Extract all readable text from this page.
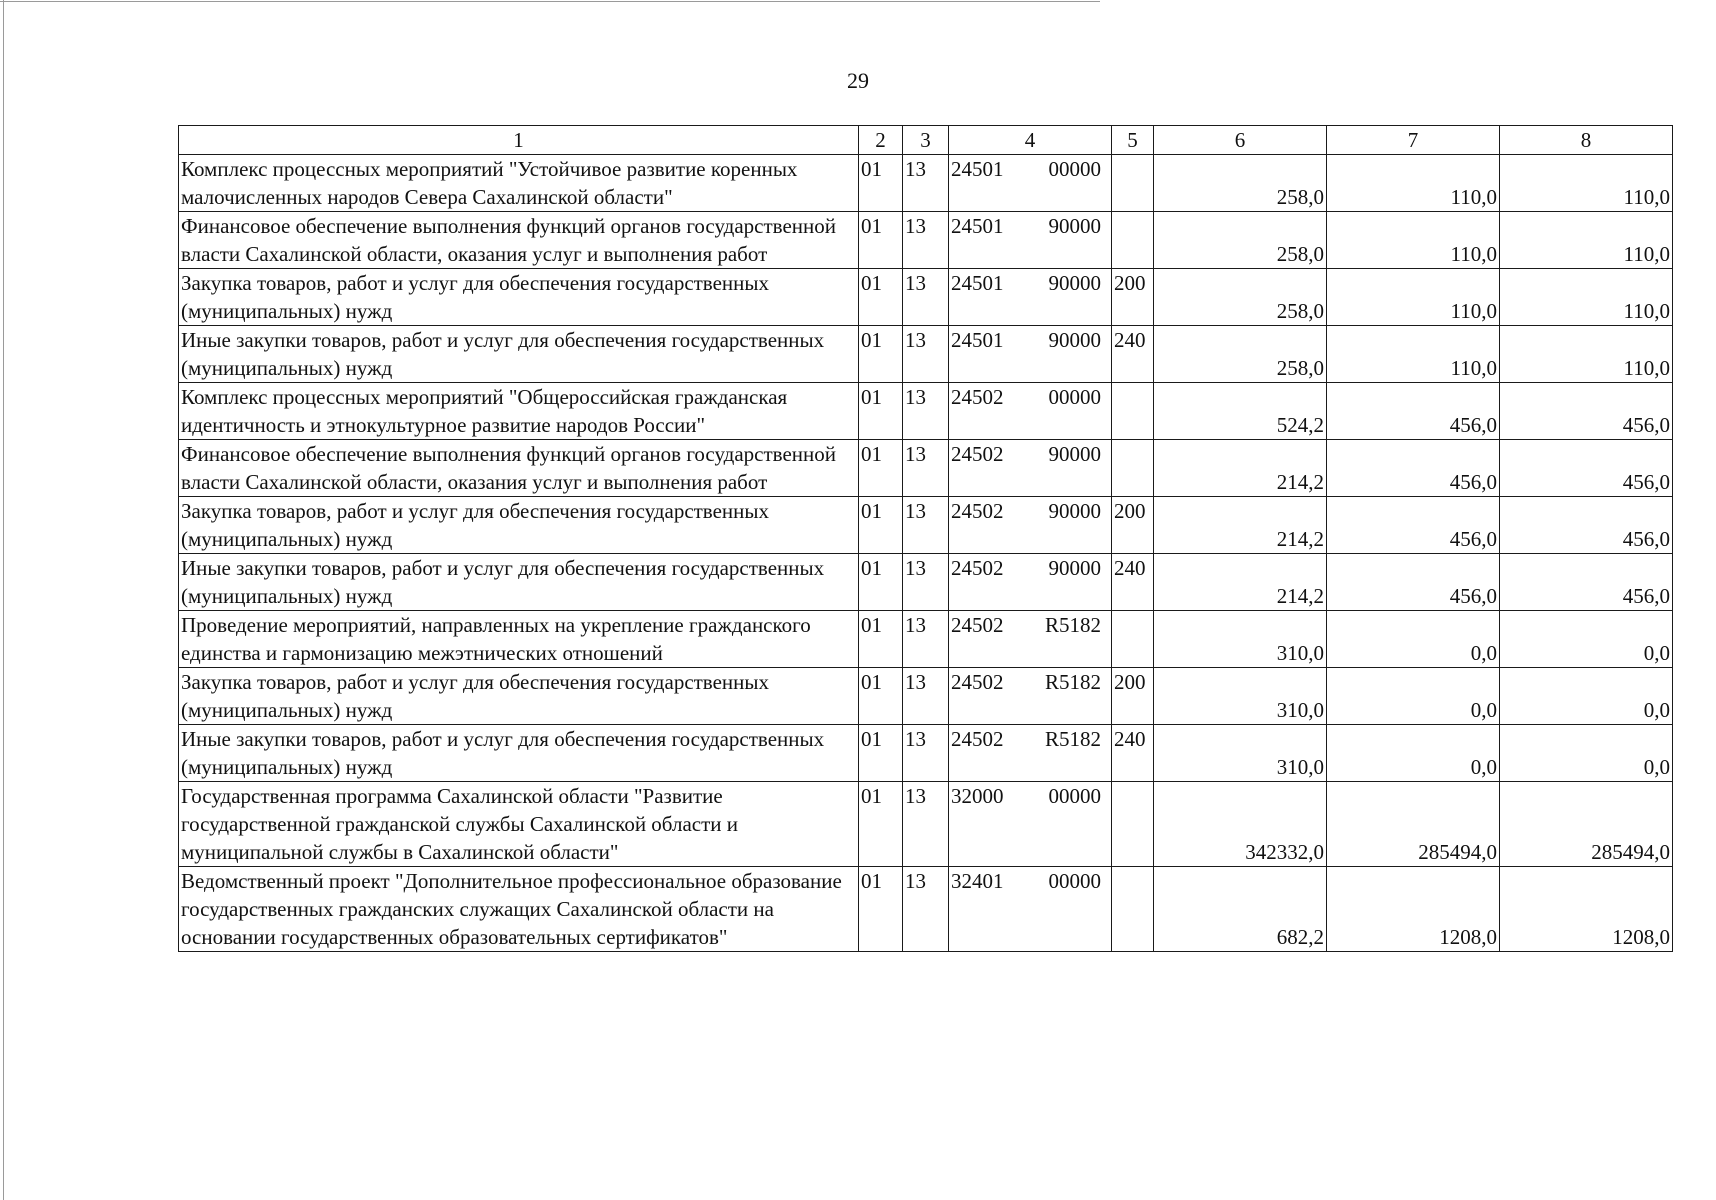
29
1	2	3	4	5	6	7	8
Комплекс процессных мероприятий "Устойчивое развитие коренных малочисленных народов Севера Сахалинской области"	01	13	24501 00000		258,0	110,0	110,0
Финансовое обеспечение выполнения функций органов государственной власти Сахалинской области, оказания услуг и выполнения работ	01	13	24501 90000		258,0	110,0	110,0
Закупка товаров, работ и услуг для обеспечения государственных (муниципальных) нужд	01	13	24501 90000	200	258,0	110,0	110,0
Иные закупки товаров, работ и услуг для обеспечения государственных (муниципальных) нужд	01	13	24501 90000	240	258,0	110,0	110,0
Комплекс процессных мероприятий "Общероссийская гражданская идентичность и этнокультурное развитие народов России"	01	13	24502 00000		524,2	456,0	456,0
Финансовое обеспечение выполнения функций органов государственной власти Сахалинской области, оказания услуг и выполнения работ	01	13	24502 90000		214,2	456,0	456,0
Закупка товаров, работ и услуг для обеспечения государственных (муниципальных) нужд	01	13	24502 90000	200	214,2	456,0	456,0
Иные закупки товаров, работ и услуг для обеспечения государственных (муниципальных) нужд	01	13	24502 90000	240	214,2	456,0	456,0
Проведение мероприятий, направленных на укрепление гражданского единства и гармонизацию межэтнических отношений	01	13	24502 R5182		310,0	0,0	0,0
Закупка товаров, работ и услуг для обеспечения государственных (муниципальных) нужд	01	13	24502 R5182	200	310,0	0,0	0,0
Иные закупки товаров, работ и услуг для обеспечения государственных (муниципальных) нужд	01	13	24502 R5182	240	310,0	0,0	0,0
Государственная программа Сахалинской области "Развитие государственной гражданской службы Сахалинской области и муниципальной службы в Сахалинской области"	01	13	32000 00000		342332,0	285494,0	285494,0
Ведомственный проект "Дополнительное профессиональное образование государственных гражданских служащих Сахалинской области на основании государственных образовательных сертификатов"	01	13	32401 00000		682,2	1208,0	1208,0
